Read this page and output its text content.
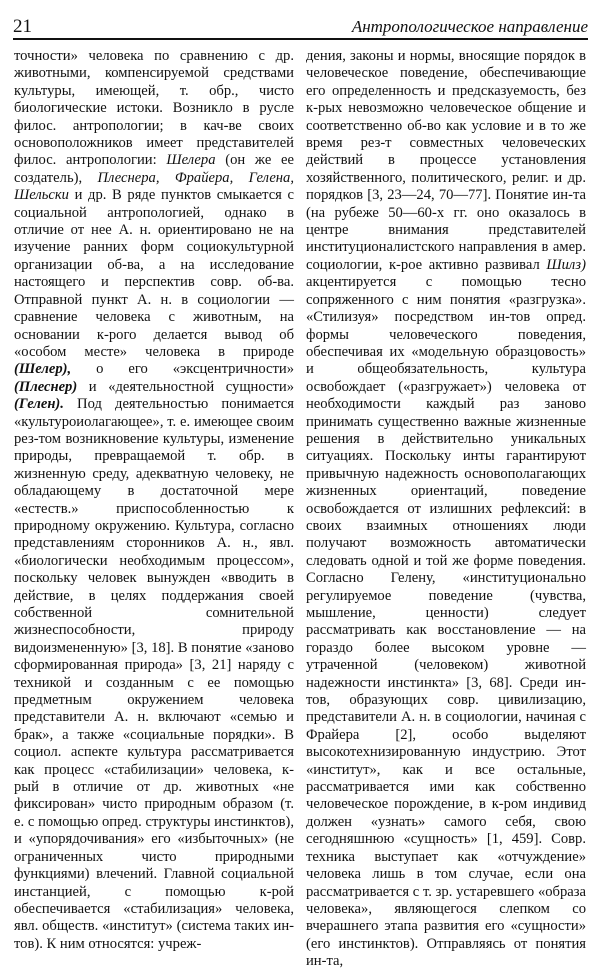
21	Антропологическое направление

точности» человека по сравнению с др. животными, компенсируемой средствами культуры, имеющей, т. обр., чисто биологические истоки. Возникло в русле филос. антропологии; в кач-ве своих основоположников имеет представителей филос. антропологии: Шелера (он же ее создатель), Плеснера, Фрайера, Гелена, Шельски и др. В ряде пунктов смыкается с социальной антропологией, однако в отличие от нее А. н. ориентировано не на изучение ранних форм социокультурной организации об-ва, а на исследование настоящего и перспектив совр. об-ва. Отправной пункт А. н. в социологии — сравнение человека с животным, на основании к-рого делается вывод об «особом месте» человека в природе (Шелер), о его «эксцентричности» (Плеснер) и «деятельностной сущности» (Гелен). Под деятельностью понимается «культуроиолагающее», т. е. имеющее своим рез-том возникновение культуры, изменение природы, превращаемой т. обр. в жизненную среду, адекватную человеку, не обладающему в достаточной мере «естеств.» приспособленностью к природному окружению. Культура, согласно представлениям сторонников А. н., явл. «биологически необходимым процессом», поскольку человек вынужден «вводить в действие, в целях поддержания своей собственной сомнительной жизнеспособности, природу видоизмененную» [3, 18]. В понятие «заново сформированная природа» [3, 21] наряду с техникой и созданным с ее помощью предметным окружением человека представители А. н. включают «семью и брак», а также «социальные порядки». В социол. аспекте культура рассматривается как процесс «стабилизации» человека, к-рый в отличие от др. животных «не фиксирован» чисто природным образом (т. е. с помощью опред. структуры инстинктов), и «упорядочивания» его «избыточных» (не ограниченных чисто природными функциями) влечений. Главной социальной инстанцией, с помощью к-рой обеспечивается «стабилизация» человека, явл. обществ. «институт» (система таких ин-тов). К ним относятся: учреж-

дения, законы и нормы, вносящие порядок в человеческое поведение, обеспечивающие его определенность и предсказуемость, без к-рых невозможно человеческое общение и соответственно об-во как условие и в то же время рез-т совместных человеческих действий в процессе установления хозяйственного, политического, религ. и др. порядков [3, 23—24, 70—77]. Понятие ин-та (на рубеже 50—60-х гг. оно оказалось в центре внимания представителей институционалистского направления в амер. социологии, к-рое активно развивал Шилз) акцентируется с помощью тесно сопряженного с ним понятия «разгрузка». «Стилизуя» посредством ин-тов опред. формы человеческого поведения, обеспечивая их «модельную образцовость» и общеобязательность, культура освобождает («разгружает») человека от необходимости каждый раз заново принимать существенно важные жизненные решения в действительно уникальных ситуациях. Поскольку инты гарантируют привычную надежность основополагающих жизненных ориентаций, поведение освобождается от излишних рефлексий: в своих взаимных отношениях люди получают возможность автоматически следовать одной и той же форме поведения. Согласно Гелену, «институционально регулируемое поведение (чувства, мышление, ценности) следует рассматривать как восстановление — на гораздо более высоком уровне — утраченной (человеком) животной надежности инстинкта» [3, 68]. Среди ин-тов, образующих совр. цивилизацию, представители А. н. в социологии, начиная с Фрайера [2], особо выделяют высокотехнизированную индустрию. Этот «институт», как и все остальные, рассматривается ими как собственно человеческое порождение, в к-ром индивид должен «узнать» самого себя, свою сегодняшнюю «сущность» [1, 459]. Совр. техника выступает как «отчуждение» человека лишь в том случае, если она рассматривается с т. зр. устаревшего «образа человека», являющегося слепком со вчерашнего этапа развития его «сущности» (его инстинктов). Отправляясь от понятия ин-та,
